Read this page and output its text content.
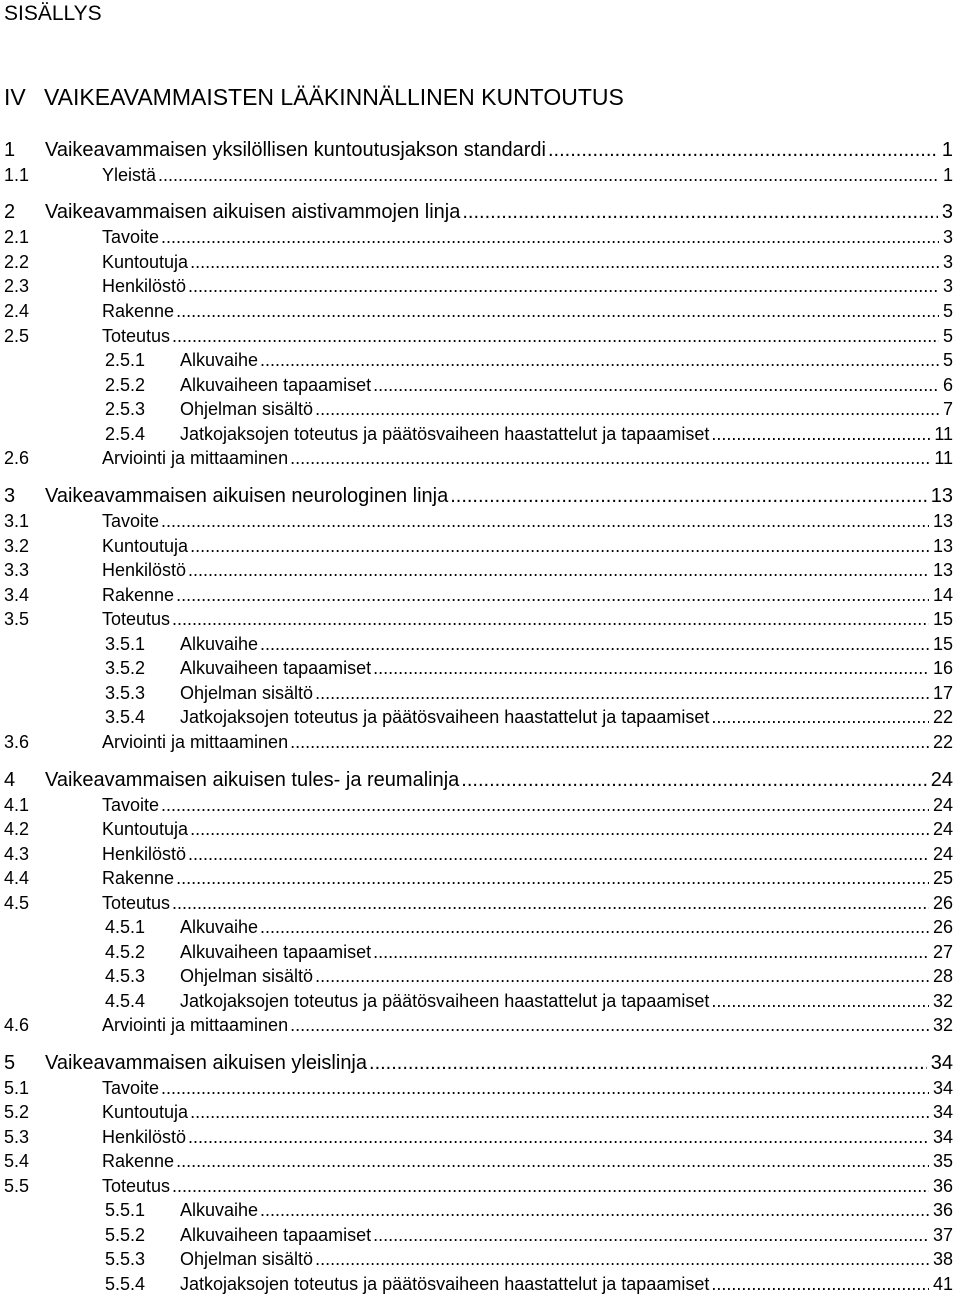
SISÄLLYS
IV VAIKEAVAMMAISTEN LÄÄKINNÄLLINEN KUNTOUTUS
1	Vaikeavammaisen yksilöllisen kuntoutusjakson standardi .....	1
1.1	Yleistä .....	1
2	Vaikeavammaisen aikuisen aistivammojen linja .....	3
2.1	Tavoite .....	3
2.2	Kuntoutuja .....	3
2.3	Henkilöstö .....	3
2.4	Rakenne .....	5
2.5	Toteutus .....	5
2.5.1	Alkuvaihe .....	5
2.5.2	Alkuvaiheen tapaamiset .....	6
2.5.3	Ohjelman sisältö .....	7
2.5.4	Jatkojaksojen toteutus ja päätösvaiheen haastattelut ja tapaamiset .....	11
2.6	Arviointi ja mittaaminen .....	11
3	Vaikeavammaisen aikuisen neurologinen linja .....	13
3.1	Tavoite .....	13
3.2	Kuntoutuja .....	13
3.3	Henkilöstö .....	13
3.4	Rakenne .....	14
3.5	Toteutus .....	15
3.5.1	Alkuvaihe .....	15
3.5.2	Alkuvaiheen tapaamiset .....	16
3.5.3	Ohjelman sisältö .....	17
3.5.4	Jatkojaksojen toteutus ja päätösvaiheen haastattelut ja tapaamiset .....	22
3.6	Arviointi ja mittaaminen .....	22
4	Vaikeavammaisen aikuisen tules- ja reumalinja .....	24
4.1	Tavoite .....	24
4.2	Kuntoutuja .....	24
4.3	Henkilöstö .....	24
4.4	Rakenne .....	25
4.5	Toteutus .....	26
4.5.1	Alkuvaihe .....	26
4.5.2	Alkuvaiheen tapaamiset .....	27
4.5.3	Ohjelman sisältö .....	28
4.5.4	Jatkojaksojen toteutus ja päätösvaiheen haastattelut ja tapaamiset .....	32
4.6	Arviointi ja mittaaminen .....	32
5	Vaikeavammaisen aikuisen yleislinja .....	34
5.1	Tavoite .....	34
5.2	Kuntoutuja .....	34
5.3	Henkilöstö .....	34
5.4	Rakenne .....	35
5.5	Toteutus .....	36
5.5.1	Alkuvaihe .....	36
5.5.2	Alkuvaiheen tapaamiset .....	37
5.5.3	Ohjelman sisältö .....	38
5.5.4	Jatkojaksojen toteutus ja päätösvaiheen haastattelut ja tapaamiset .....	41
